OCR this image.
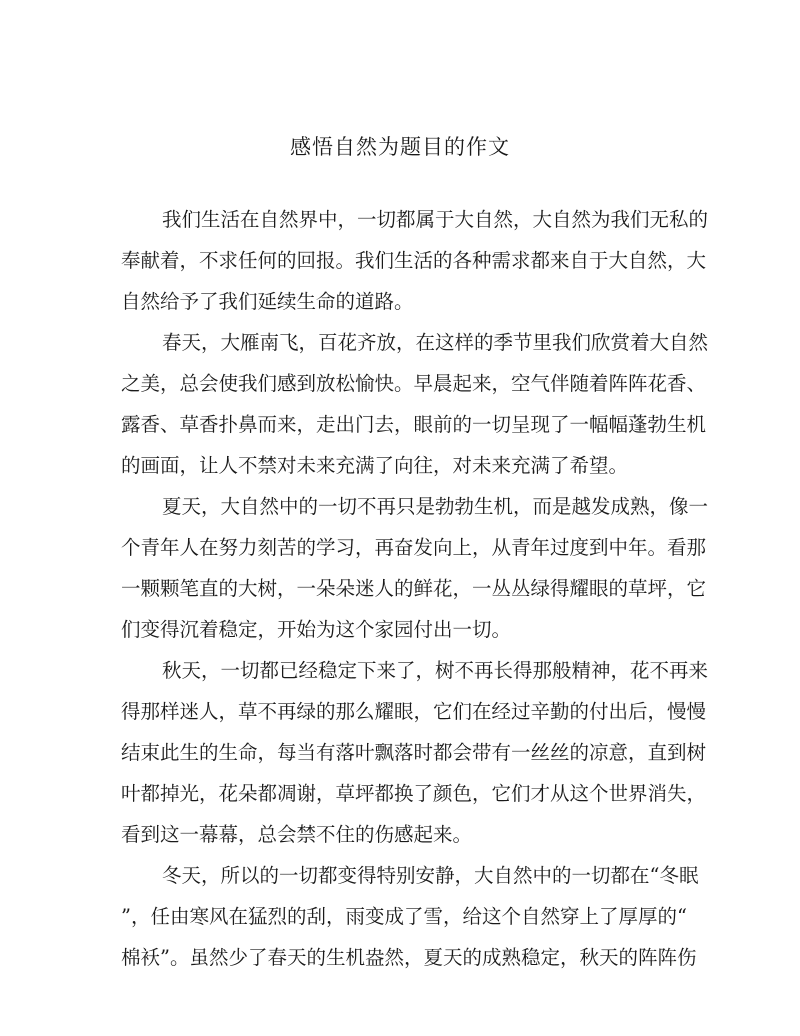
感悟自然为题目的作文
我们生活在自然界中，一切都属于大自然，大自然为我们无私的
奉献着，不求任何的回报。我们生活的各种需求都来自于大自然，大
自然给予了我们延续生命的道路。
春天，大雁南飞，百花齐放，在这样的季节里我们欣赏着大自然
之美，总会使我们感到放松愉快。早晨起来，空气伴随着阵阵花香、
露香、草香扑鼻而来，走出门去，眼前的一切呈现了一幅幅蓬勃生机
的画面，让人不禁对未来充满了向往，对未来充满了希望。
夏天，大自然中的一切不再只是勃勃生机，而是越发成熟，像一
个青年人在努力刻苦的学习，再奋发向上，从青年过度到中年。看那
一颗颗笔直的大树，一朵朵迷人的鲜花，一丛丛绿得耀眼的草坪，它
们变得沉着稳定，开始为这个家园付出一切。
秋天，一切都已经稳定下来了，树不再长得那般精神，花不再来
得那样迷人，草不再绿的那么耀眼，它们在经过辛勤的付出后，慢慢
结束此生的生命，每当有落叶飘落时都会带有一丝丝的凉意，直到树
叶都掉光，花朵都凋谢，草坪都换了颜色，它们才从这个世界消失，
看到这一幕幕，总会禁不住的伤感起来。
冬天，所以的一切都变得特别安静，大自然中的一切都在“冬眠
”，任由寒风在猛烈的刮，雨变成了雪，给这个自然穿上了厚厚的“
棉袄”。虽然少了春天的生机盎然，夏天的成熟稳定，秋天的阵阵伤
